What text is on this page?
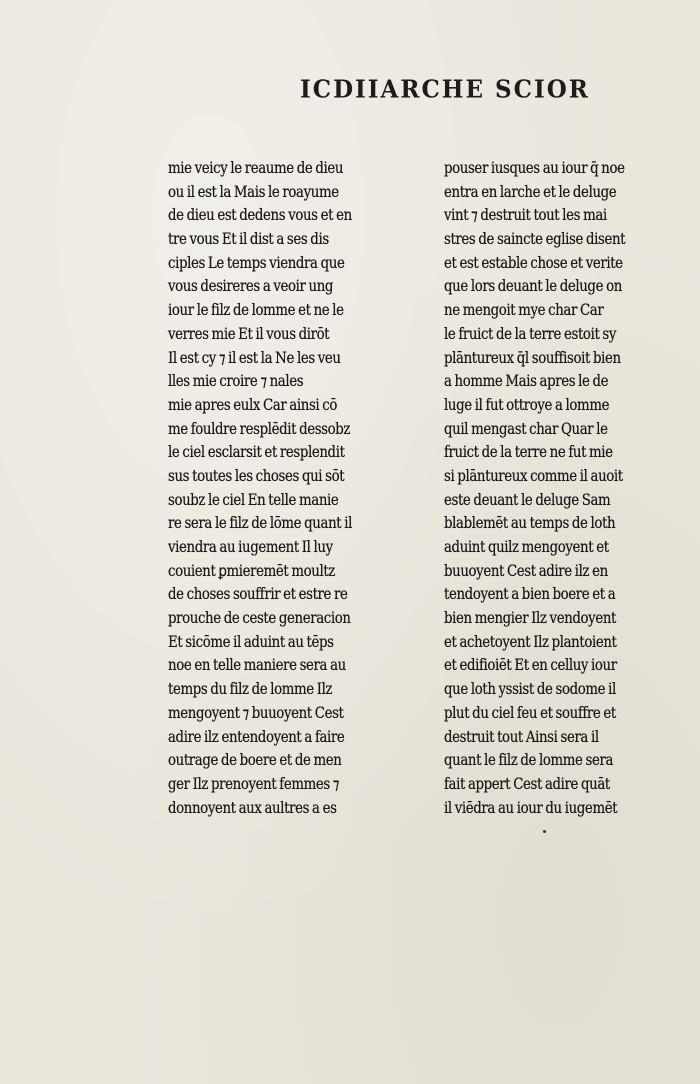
ICDIIARCHE SCIOR
mie veicy le reaume de dieu
ou il est la Mais le roayume
de dieu est dedens vous et en
tre vous Et il dist a ses dis
ciples Le temps viendra que
vous desireres a veoir ung
iour le filz de lomme et ne le
verres mie Et il vous dirōt
Il est cy ⁊ il est la Ne les veu
lles mie croire ⁊ nales
mie apres eulx Car ainsi cō
me fouldre resplēdit dessobz
le ciel esclarsit et resplendit
sus toutes les choses qui sōt
soubz le ciel En telle manie
re sera le filz de lōme quant il
viendra au iugement Il luy
couient ꝑmieremēt moultz
de choses souffrir et estre re
prouche de ceste generacion
Et sicōme il aduint au tēps
noe en telle maniere sera au
temps du filz de lomme Ilz
mengoyent ⁊ buuoyent Cest
adire ilz entendoyent a faire
outrage de boere et de men
ger Ilz prenoyent femmes ⁊
donnoyent aux aultres a es
pouser iusques au iour q̄ noe
entra en larche et le deluge
vint ⁊ destruit tout les mai
stres de saincte eglise disent
et est estable chose et verite
que lors deuant le deluge on
ne mengoit mye char Car
le fruict de la terre estoit sy
plāntureux q̄l souffisoit bien
a homme Mais apres le de
luge il fut ottroye a lomme
quil mengast char Quar le
fruict de la terre ne fut mie
si plāntureux comme il auoit
este deuant le deluge Sam
blablemēt au temps de loth
aduint quilz mengoyent et
buuoyent Cest adire ilz en
tendoyent a bien boere et a
bien mengier Ilz vendoyent
et achetoyent Ilz plantoient
et edifioiēt Et en celluy iour
que loth yssist de sodome il
plut du ciel feu et souffre et
destruit tout Ainsi sera il
quant le filz de lomme sera
fait appert Cest adire quāt
il viēdra au iour du iugemēt
